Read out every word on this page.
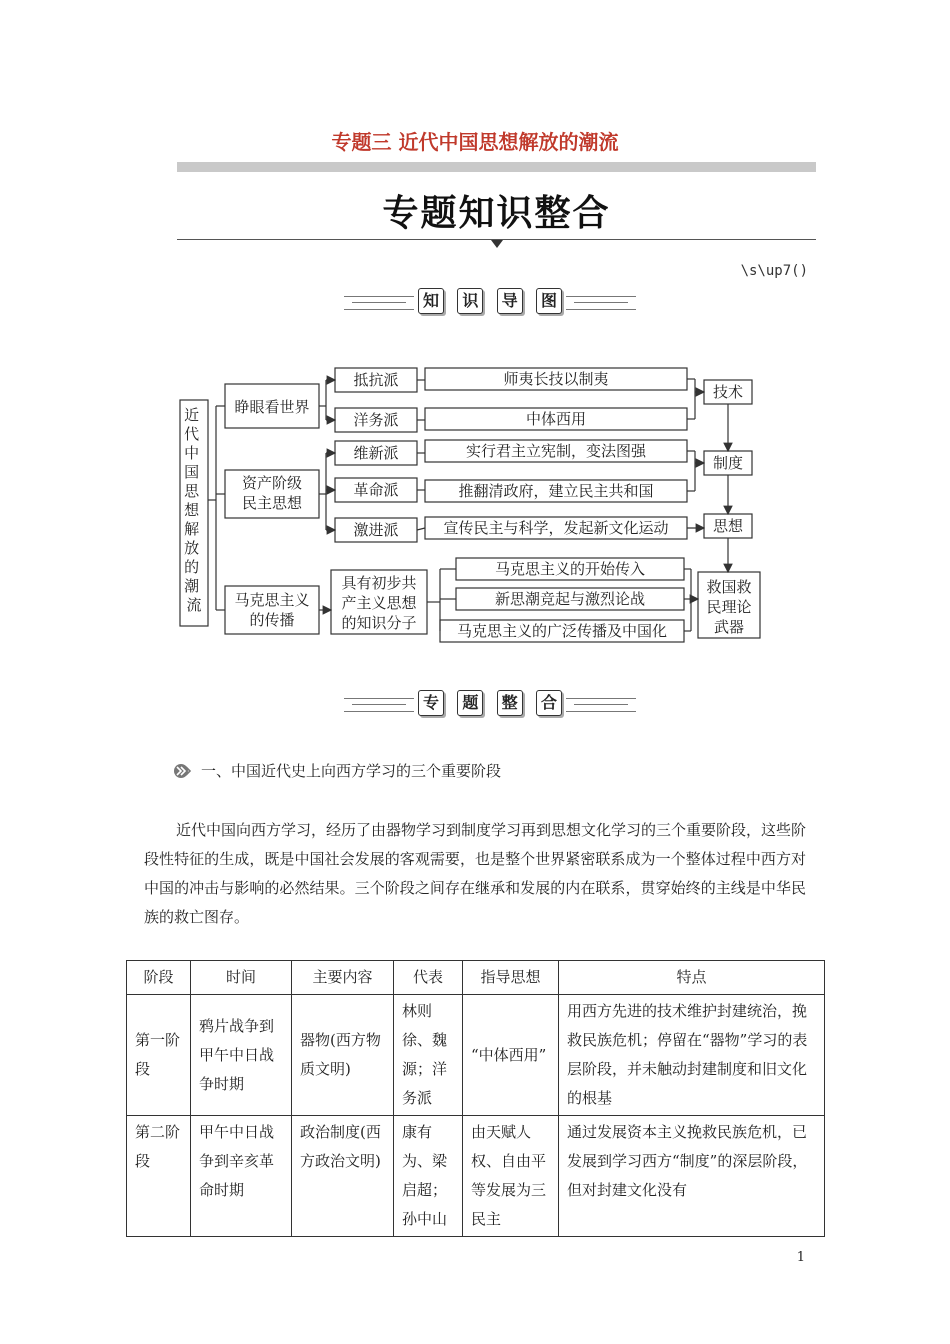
专题三 近代中国思想解放的潮流
专题知识整合
\s\up7()
知	识	导	图
近 代 中 国 思 想 解 放 的 潮 流
睁眼看世界
资产阶级
民主思想
马克思主义
的传播
抵抗派
洋务派
维新派
革命派
激进派
具有初步共
产主义思想
的知识分子
师夷长技以制夷
中体西用
实行君主立宪制，变法图强
推翻清政府，建立民主共和国
宣传民主与科学，发起新文化运动
马克思主义的开始传入
新思潮竞起与激烈论战
马克思主义的广泛传播及中国化
技术
制度
思想
救国救
民理论
武器
专	题	整	合
一、中国近代史上向西方学习的三个重要阶段
近代中国向西方学习，经历了由器物学习到制度学习再到思想文化学习的三个重要阶段，这些阶段性特征的生成，既是中国社会发展的客观需要，也是整个世界紧密联系成为一个整体过程中西方对中国的冲击与影响的必然结果。三个阶段之间存在继承和发展的内在联系，贯穿始终的主线是中华民族的救亡图存。
阶段	时间	主要内容	代表	指导思想	特点
第一阶段	鸦片战争到甲午中日战争时期	器物(西方物质文明)	林则徐、魏源；洋务派	“中体西用”	用西方先进的技术维护封建统治，挽救民族危机；停留在“器物”学习的表层阶段，并未触动封建制度和旧文化的根基
第二阶段	甲午中日战争到辛亥革命时期	政治制度(西方政治文明)	康有为、梁启超；孙中山	由天赋人权、自由平等发展为三民主	通过发展资本主义挽救民族危机，已发展到学习西方“制度”的深层阶段，但对封建文化没有
1
